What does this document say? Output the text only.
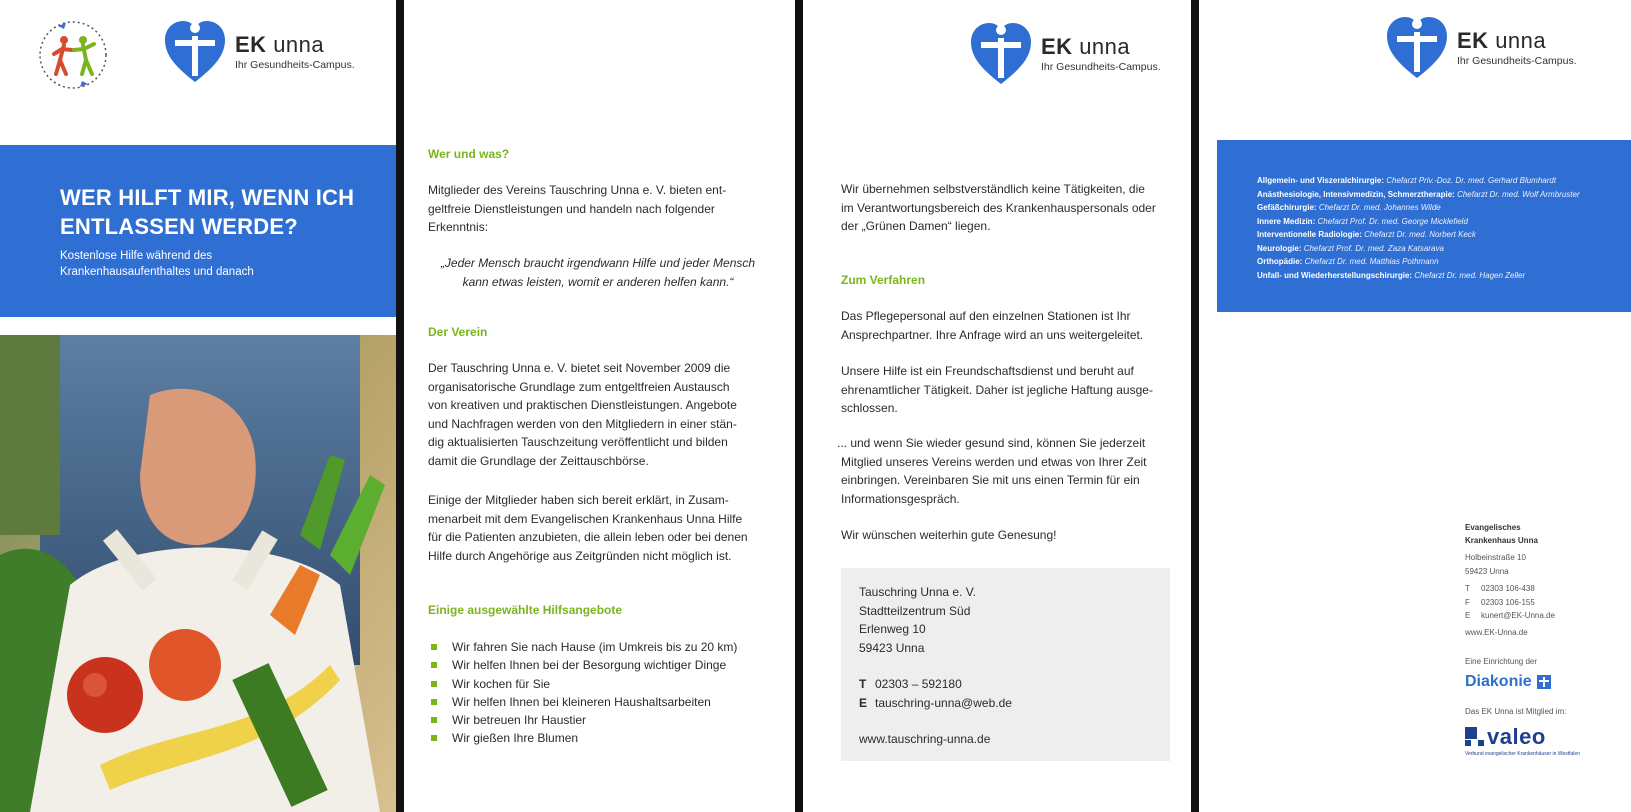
EK unna
Ihr Gesundheits-Campus.
WER HILFT MIR, WENN ICH
ENTLASSEN WERDE?
Kostenlose Hilfe während des
Krankenhausaufenthaltes und danach
Wer und was?
Mitglieder des Vereins Tauschring Unna e. V. bieten ent-
geltfreie Dienstleistungen und handeln nach folgender
Erkenntnis:
„Jeder Mensch braucht irgendwann Hilfe und jeder Mensch
kann etwas leisten, womit er anderen helfen kann.“
Der Verein
Der Tauschring Unna e. V. bietet seit November 2009 die
organisatorische Grundlage zum entgeltfreien Austausch
von kreativen und praktischen Dienstleistungen. Angebote
und Nachfragen werden von den Mitgliedern in einer stän-
dig aktualisierten Tauschzeitung veröffentlicht und bilden
damit die Grundlage der Zeittauschbörse.
Einige der Mitglieder haben sich bereit erklärt, in Zusam-
menarbeit mit dem Evangelischen Krankenhaus Unna Hilfe
für die Patienten anzubieten, die allein leben oder bei denen
Hilfe durch Angehörige aus Zeitgründen nicht möglich ist.
Einige ausgewählte Hilfsangebote
Wir fahren Sie nach Hause (im Umkreis bis zu 20 km)
Wir helfen Ihnen bei der Besorgung wichtiger Dinge
Wir kochen für Sie
Wir helfen Ihnen bei kleineren Haushaltsarbeiten
Wir betreuen Ihr Haustier
Wir gießen Ihre Blumen
EK unna
Ihr Gesundheits-Campus.
Wir übernehmen selbstverständlich keine Tätigkeiten, die
im Verantwortungsbereich des Krankenhauspersonals oder
der „Grünen Damen“ liegen.
Zum Verfahren
Das Pflegepersonal auf den einzelnen Stationen ist Ihr
Ansprechpartner. Ihre Anfrage wird an uns weitergeleitet.
Unsere Hilfe ist ein Freundschaftsdienst und beruht auf
ehrenamtlicher Tätigkeit. Daher ist jegliche Haftung ausge-
schlossen.
... und wenn Sie wieder gesund sind, können Sie jederzeit
Mitglied unseres Vereins werden und etwas von Ihrer Zeit
einbringen. Vereinbaren Sie mit uns einen Termin für ein
Informationsgespräch.
Wir wünschen weiterhin gute Genesung!
Tauschring Unna e. V.
Stadtteilzentrum Süd
Erlenweg 10
59423 Unna
T 02303 – 592180
E tauschring-unna@web.de
www.tauschring-unna.de
EK unna
Ihr Gesundheits-Campus.
Allgemein- und Viszeralchirurgie: Chefarzt Priv.-Doz. Dr. med. Gerhard Blumhardt
Anästhesiologie, Intensivmedizin, Schmerztherapie: Chefarzt Dr. med. Wolf Armbruster
Gefäßchirurgie: Chefarzt Dr. med. Johannes Wilde
Innere Medizin: Chefarzt Prof. Dr. med. George Micklefield
Interventionelle Radiologie: Chefarzt Dr. med. Norbert Keck
Neurologie: Chefarzt Prof. Dr. med. Zaza Katsarava
Orthopädie: Chefarzt Dr. med. Matthias Pothmann
Unfall- und Wiederherstellungschirurgie: Chefarzt Dr. med. Hagen Zeller
Evangelisches
Krankenhaus Unna
Holbeinstraße 10
59423 Unna
T 02303 106-438
F 02303 106-155
E kunert@EK-Unna.de
www.EK-Unna.de
Eine Einrichtung der
Diakonie
Das EK Unna ist Mitglied im:
valeo
Verbund evangelischer Krankenhäuser in Westfalen
